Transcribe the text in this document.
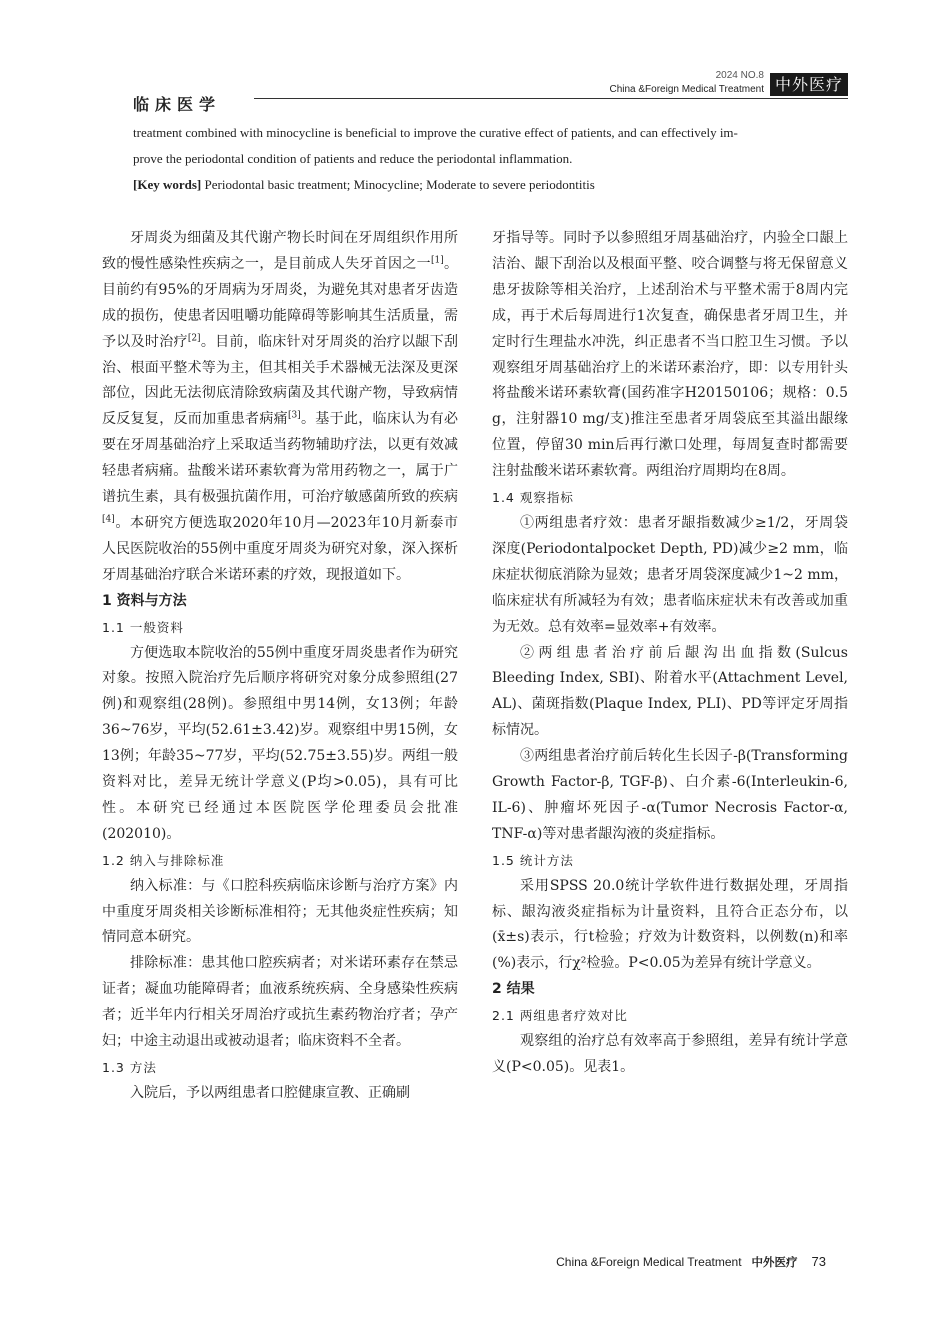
临床医学
2024 NO.8
China &Foreign Medical Treatment 中外医疗

treatment combined with minocycline is beneficial to improve the curative effect of patients, and can effectively im-

prove the periodontal condition of patients and reduce the periodontal inflammation.

[Key words] Periodontal basic treatment; Minocycline; Moderate to severe periodontitis

牙周炎为细菌及其代谢产物长时间在牙周组织作用所致的慢性感染性疾病之一，是目前成人失牙首因之一[1]。目前约有95%的牙周病为牙周炎，为避免其对患者牙齿造成的损伤，使患者因咀嚼功能障碍等影响其生活质量，需予以及时治疗[2]。目前，临床针对牙周炎的治疗以龈下刮治、根面平整术等为主，但其相关手术器械无法深及更深部位，因此无法彻底清除致病菌及其代谢产物，导致病情反反复复，反而加重患者病痛[3]。基于此，临床认为有必要在牙周基础治疗上采取适当药物辅助疗法，以更有效减轻患者病痛。盐酸米诺环素软膏为常用药物之一，属于广谱抗生素，具有极强抗菌作用，可治疗敏感菌所致的疾病[4]。本研究方便选取2020年10月—2023年10月新泰市人民医院收治的55例中重度牙周炎为研究对象，深入探析牙周基础治疗联合米诺环素的疗效，现报道如下。

1 资料与方法
1.1 一般资料

方便选取本院收治的55例中重度牙周炎患者作为研究对象。按照入院治疗先后顺序将研究对象分成参照组(27例)和观察组(28例)。参照组中男14例，女13例；年龄36~76岁，平均(52.61±3.42)岁。观察组中男15例，女13例；年龄35~77岁，平均(52.75±3.55)岁。两组一般资料对比，差异无统计学意义(P均>0.05)，具有可比性。本研究已经通过本医院医学伦理委员会批准(202010)。

1.2 纳入与排除标准

纳入标准：与《口腔科疾病临床诊断与治疗方案》内中重度牙周炎相关诊断标准相符；无其他炎症性疾病；知情同意本研究。

排除标准：患其他口腔疾病者；对米诺环素存在禁忌证者；凝血功能障碍者；血液系统疾病、全身感染性疾病者；近半年内行相关牙周治疗或抗生素药物治疗者；孕产妇；中途主动退出或被动退者；临床资料不全者。

1.3 方法

入院后，予以两组患者口腔健康宣教、正确刷

牙指导等。同时予以参照组牙周基础治疗，内验全口龈上洁治、龈下刮治以及根面平整、咬合调整与将无保留意义患牙拔除等相关治疗，上述刮治术与平整术需于8周内完成，再于术后每周进行1次复查，确保患者牙周卫生，并定时行生理盐水冲洗，纠正患者不当口腔卫生习惯。予以观察组牙周基础治疗上的米诺环素治疗，即：以专用针头将盐酸米诺环素软膏(国药准字H20150106；规格：0.5 g，注射器10 mg/支)推注至患者牙周袋底至其溢出龈缘位置，停留30 min后再行漱口处理，每周复查时都需要注射盐酸米诺环素软膏。两组治疗周期均在8周。

1.4 观察指标

①两组患者疗效：患者牙龈指数减少≥1/2，牙周袋深度(Periodontalpocket Depth, PD)减少≥2 mm，临床症状彻底消除为显效；患者牙周袋深度减少1~2 mm，临床症状有所减轻为有效；患者临床症状未有改善或加重为无效。总有效率=显效率+有效率。

②两组患者治疗前后龈沟出血指数(Sulcus Bleeding Index, SBI)、附着水平(Attachment Level, AL)、菌斑指数(Plaque Index, PLI)、PD等评定牙周指标情况。

③两组患者治疗前后转化生长因子-β(Transforming Growth Factor-β, TGF-β)、白介素-6(Interleukin-6, IL-6)、肿瘤坏死因子-α(Tumor Necrosis Factor-α, TNF-α)等对患者龈沟液的炎症指标。

1.5 统计方法

采用SPSS 20.0统计学软件进行数据处理，牙周指标、龈沟液炎症指标为计量资料，且符合正态分布，以(x̄±s)表示，行t检验；疗效为计数资料，以例数(n)和率(%)表示，行χ²检验。P<0.05为差异有统计学意义。

2 结果
2.1 两组患者疗效对比

观察组的治疗总有效率高于参照组，差异有统计学意义(P<0.05)。见表1。

China &Foreign Medical Treatment 中外医疗 73
